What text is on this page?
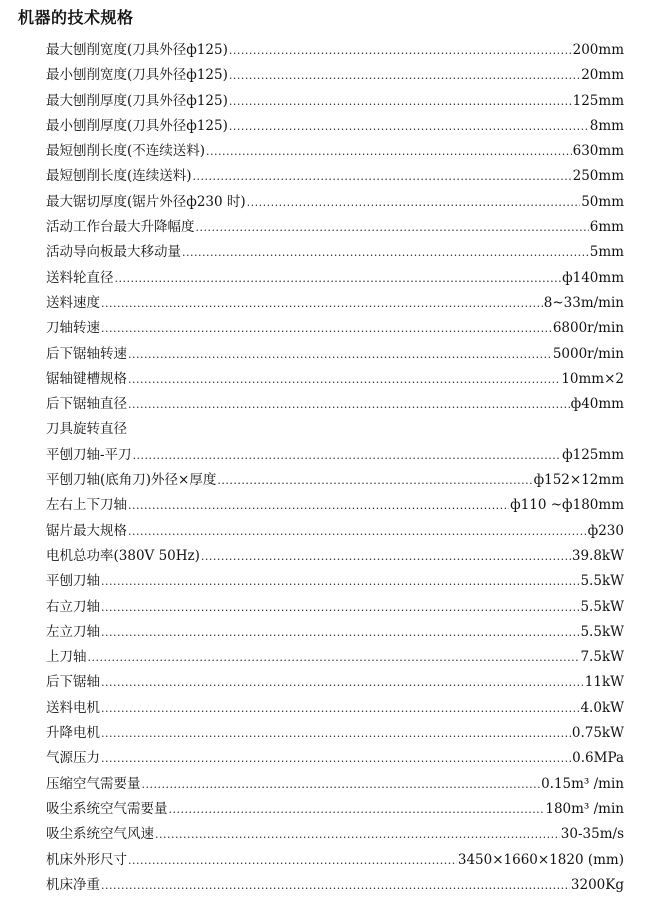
机器的技术规格
最大刨削宽度(刀具外径ф125) .....	200mm
最小刨削宽度(刀具外径ф125) .....	20mm
最大刨削厚度(刀具外径ф125) .....	125mm
最小刨削厚度(刀具外径ф125) .....	8mm
最短刨削长度(不连续送料) .....	630mm
最短刨削长度(连续送料) .....	250mm
最大锯切厚度(锯片外径ф230 时) .....	50mm
活动工作台最大升降幅度 .....	6mm
活动导向板最大移动量 .....	5mm
送料轮直径 .....	ф140mm
送料速度 .....	8~33m/min
刀轴转速 .....	6800r/min
后下锯轴转速 .....	5000r/min
锯轴键槽规格 .....	10mm×2
后下锯轴直径 .....	ф40mm
刀具旋转直径
平刨刀轴-平刀 .....	ф125mm
平刨刀轴(底角刀)外径×厚度 .....	ф152×12mm
左右上下刀轴 .....	ф110 ~ф180mm
锯片最大规格 .....	ф230
电机总功率(380V 50Hz) .....	39.8kW
平刨刀轴 .....	5.5kW
右立刀轴 .....	5.5kW
左立刀轴 .....	5.5kW
上刀轴 .....	7.5kW
后下锯轴 .....	11kW
送料电机 .....	4.0kW
升降电机 .....	0.75kW
气源压力 .....	0.6MPa
压缩空气需要量 .....	0.15m³ /min
吸尘系统空气需要量 .....	180m³ /min
吸尘系统空气风速 .....	30-35m/s
机床外形尺寸 .....	3450×1660×1820 (mm)
机床净重 .....	3200Kg
